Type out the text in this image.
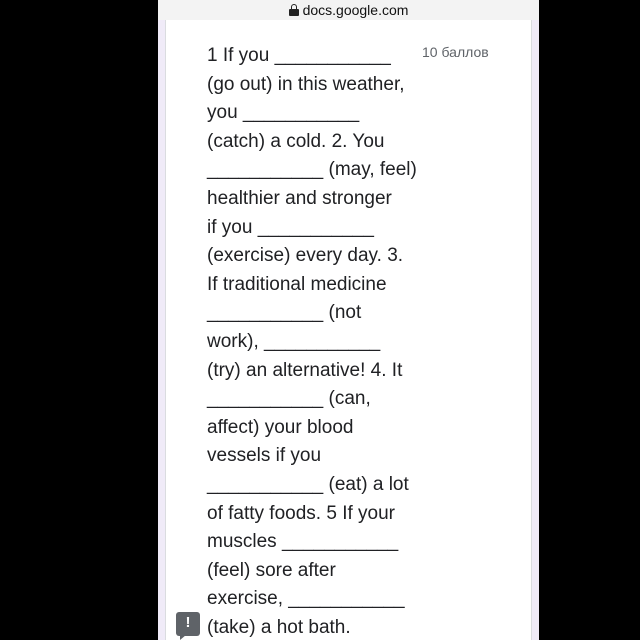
docs.google.com

1 If you ___________
(go out) in this weather,
you ___________
(catch) a cold. 2. You
___________ (may, feel)
healthier and stronger
if you ___________
(exercise) every day. 3.
If traditional medicine
___________ (not
work), ___________
(try) an alternative! 4. It
___________ (can,
affect) your blood
vessels if you
___________ (eat) a lot
of fatty foods. 5 If your
muscles ___________
(feel) sore after
exercise, ___________
(take) a hot bath.

10 баллов
!
